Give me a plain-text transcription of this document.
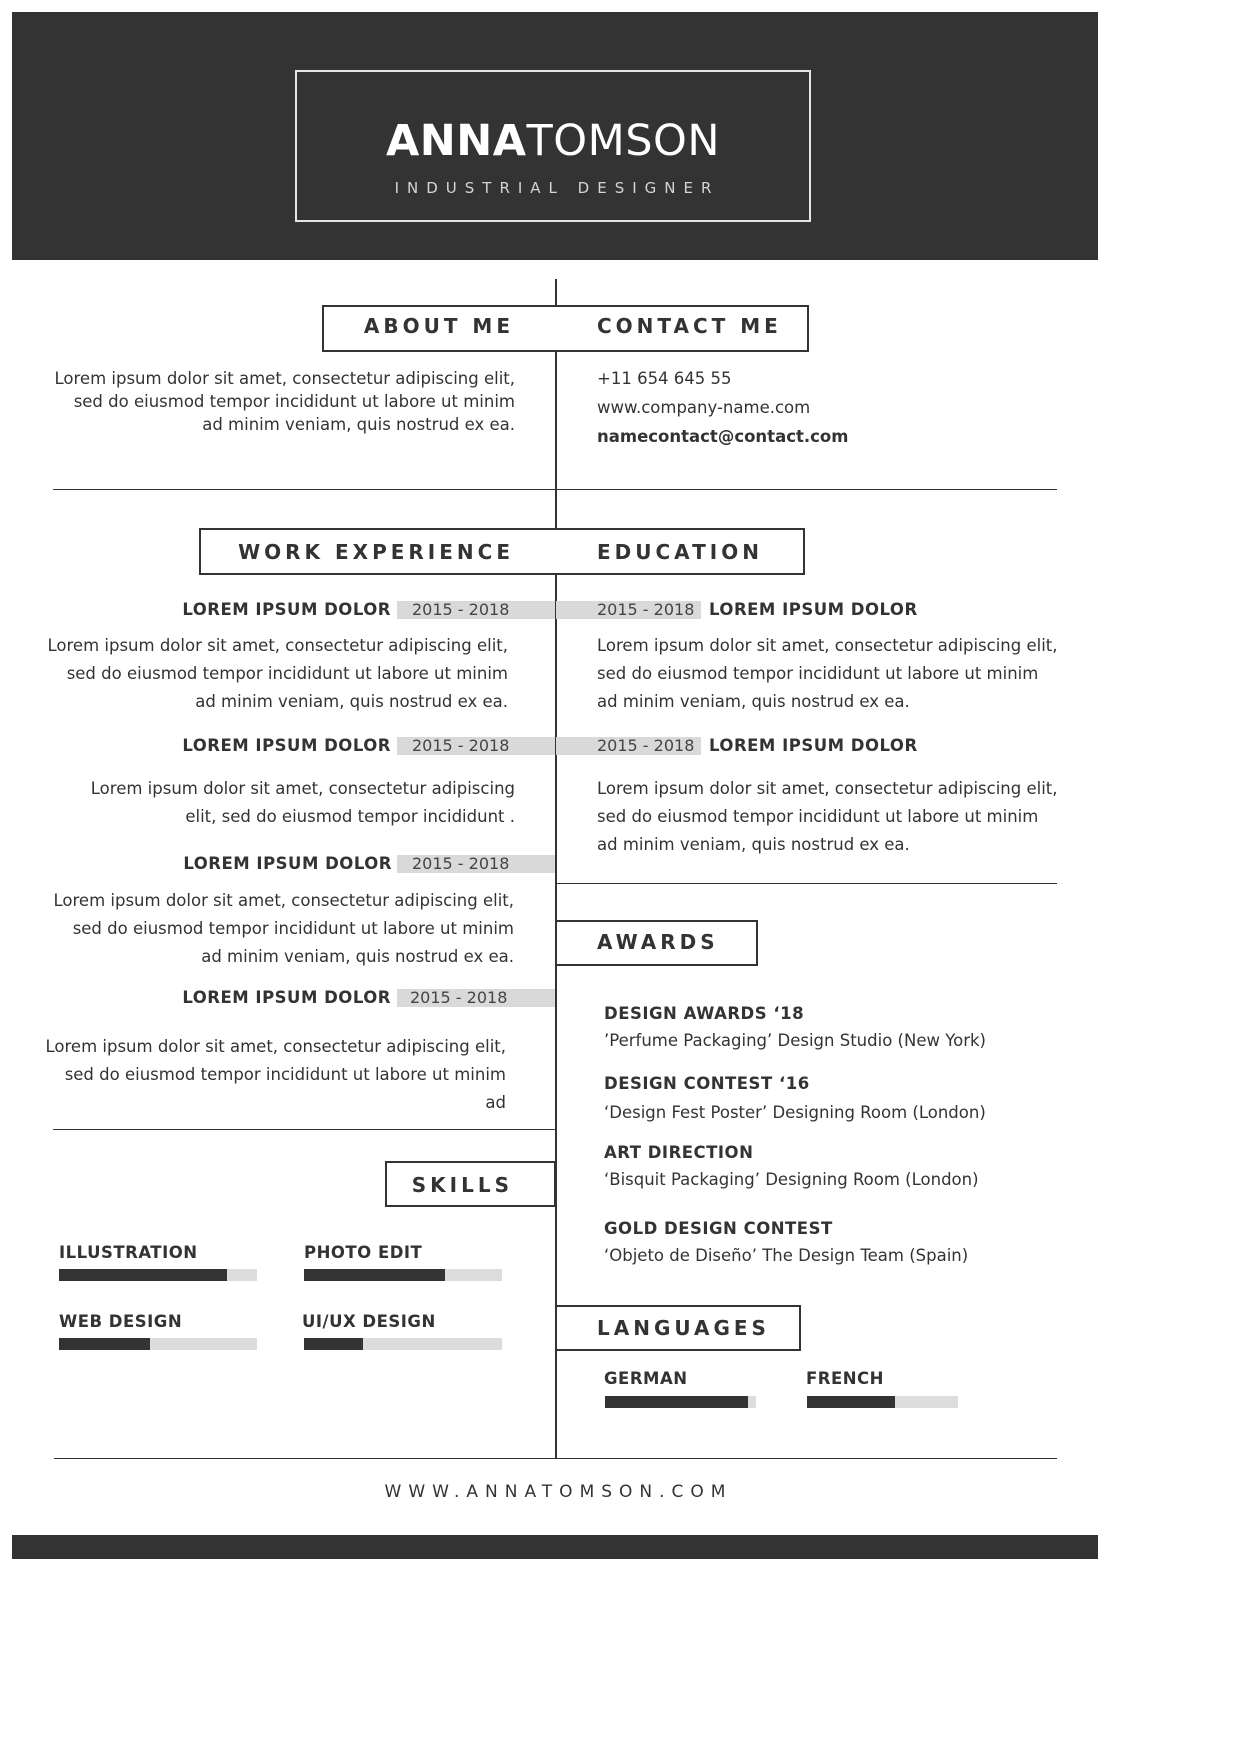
ANNATOMSON
INDUSTRIAL DESIGNER
ABOUT ME	CONTACT ME
Lorem ipsum dolor sit amet, consectetur adipiscing elit,
sed do eiusmod tempor incididunt ut labore ut minim
ad minim veniam, quis nostrud ex ea.
+11 654 645 55
www.company-name.com
namecontact@contact.com
WORK EXPERIENCE	EDUCATION
LOREM IPSUM DOLOR 2015 - 2018
Lorem ipsum dolor sit amet, consectetur adipiscing elit,
sed do eiusmod tempor incididunt ut labore ut minim
ad minim veniam, quis nostrud ex ea.
LOREM IPSUM DOLOR 2015 - 2018
Lorem ipsum dolor sit amet, consectetur adipiscing
elit, sed do eiusmod tempor incididunt .
LOREM IPSUM DOLOR 2015 - 2018
Lorem ipsum dolor sit amet, consectetur adipiscing elit,
sed do eiusmod tempor incididunt ut labore ut minim
ad minim veniam, quis nostrud ex ea.
LOREM IPSUM DOLOR 2015 - 2018
Lorem ipsum dolor sit amet, consectetur adipiscing elit,
sed do eiusmod tempor incididunt ut labore ut minim
ad
2015 - 2018 LOREM IPSUM DOLOR
Lorem ipsum dolor sit amet, consectetur adipiscing elit,
sed do eiusmod tempor incididunt ut labore ut minim
ad minim veniam, quis nostrud ex ea.
2015 - 2018 LOREM IPSUM DOLOR
Lorem ipsum dolor sit amet, consectetur adipiscing elit,
sed do eiusmod tempor incididunt ut labore ut minim
ad minim veniam, quis nostrud ex ea.
AWARDS
DESIGN AWARDS ‘18
’Perfume Packaging’ Design Studio (New York)
DESIGN CONTEST ‘16
‘Design Fest Poster’ Designing Room (London)
ART DIRECTION
‘Bisquit Packaging’ Designing Room (London)
GOLD DESIGN CONTEST
‘Objeto de Diseño’ The Design Team (Spain)
LANGUAGES
GERMAN	FRENCH
SKILLS
ILLUSTRATION	PHOTO EDIT
WEB DESIGN	UI/UX DESIGN
WWW.ANNATOMSON.COM
